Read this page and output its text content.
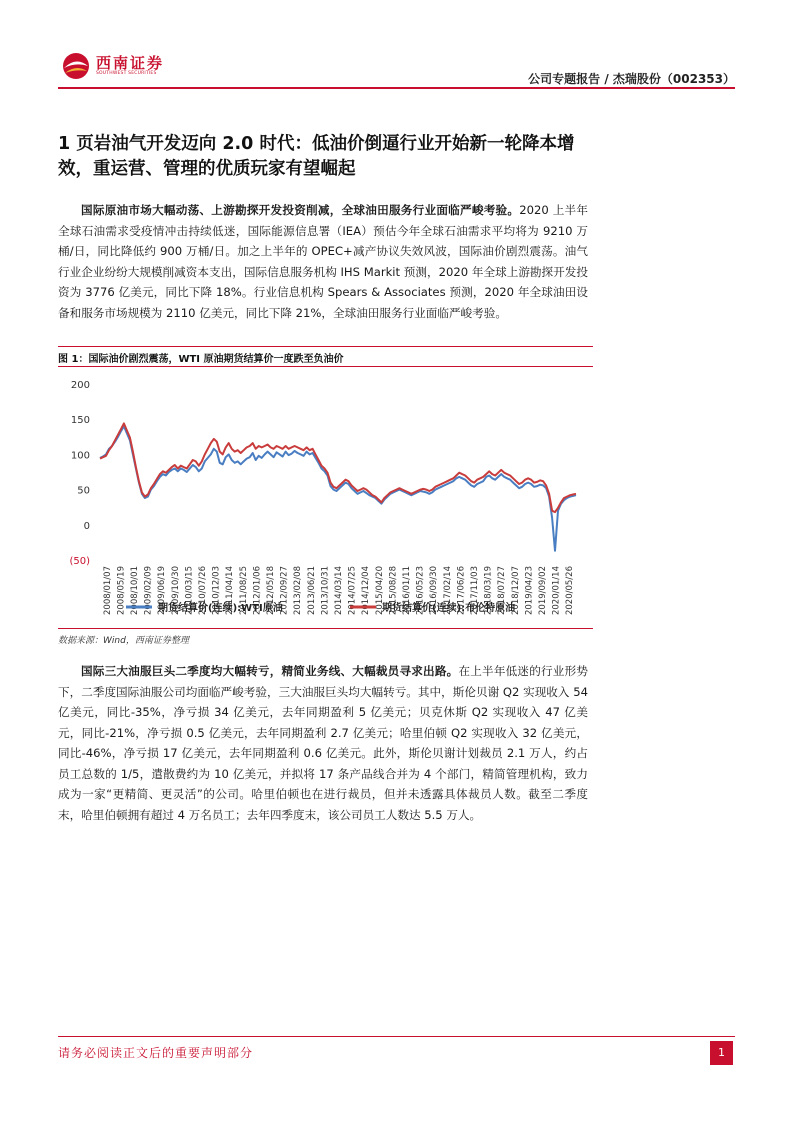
西南证券
SOUTHWEST SECURITIES	公司专题报告 / 杰瑞股份（002353）
1 页岩油气开发迈向 2.0 时代：低油价倒逼行业开始新一轮降本增效，重运营、管理的优质玩家有望崛起
国际原油市场大幅动荡、上游勘探开发投资削减，全球油田服务行业面临严峻考验。2020 上半年全球石油需求受疫情冲击持续低迷，国际能源信息署（IEA）预估今年全球石油需求平均将为 9210 万桶/日，同比降低约 900 万桶/日。加之上半年的 OPEC+减产协议失效风波，国际油价剧烈震荡。油气行业企业纷纷大规模削减资本支出，国际信息服务机构 IHS Markit 预测，2020 年全球上游勘探开发投资为 3776 亿美元，同比下降 18%。行业信息机构 Spears & Associates 预测，2020 年全球油田设备和服务市场规模为 2110 亿美元，同比下降 21%，全球油田服务行业面临严峻考验。
图 1：国际油价剧烈震荡，WTI 原油期货结算价一度跌至负油价
200
150
100
50
0
(50)
2008/01/07 2008/05/19 2008/10/01 2009/02/09 2009/06/19 2009/10/30 2010/03/15 2010/07/26 2010/12/03 2011/04/14 2011/08/25 2012/01/06 2012/05/18 2012/09/27 2013/02/08 2013/06/21 2013/10/31 2014/03/14 2014/07/25 2014/12/04 2015/04/20 2015/08/28 2016/01/11 2016/05/23 2016/09/30 2017/02/14 2017/06/26 2017/11/03 2018/03/19 2018/07/27 2018/12/07 2019/04/23 2019/09/02 2020/01/14 2020/05/26
期货结算价(连续):WTI原油	期货结算价(连续):布伦特原油
数据来源：Wind，西南证券整理
国际三大油服巨头二季度均大幅转亏，精简业务线、大幅裁员寻求出路。在上半年低迷的行业形势下，二季度国际油服公司均面临严峻考验，三大油服巨头均大幅转亏。其中，斯伦贝谢 Q2 实现收入 54 亿美元，同比-35%，净亏损 34 亿美元，去年同期盈利 5 亿美元；贝克休斯 Q2 实现收入 47 亿美元，同比-21%，净亏损 0.5 亿美元，去年同期盈利 2.7 亿美元；哈里伯顿 Q2 实现收入 32 亿美元，同比-46%，净亏损 17 亿美元，去年同期盈利 0.6 亿美元。此外，斯伦贝谢计划裁员 2.1 万人，约占员工总数的 1/5，遣散费约为 10 亿美元，并拟将 17 条产品线合并为 4 个部门，精简管理机构，致力成为一家“更精简、更灵活”的公司。哈里伯顿也在进行裁员，但并未透露具体裁员人数。截至二季度末，哈里伯顿拥有超过 4 万名员工；去年四季度末，该公司员工人数达 5.5 万人。
请务必阅读正文后的重要声明部分	1
